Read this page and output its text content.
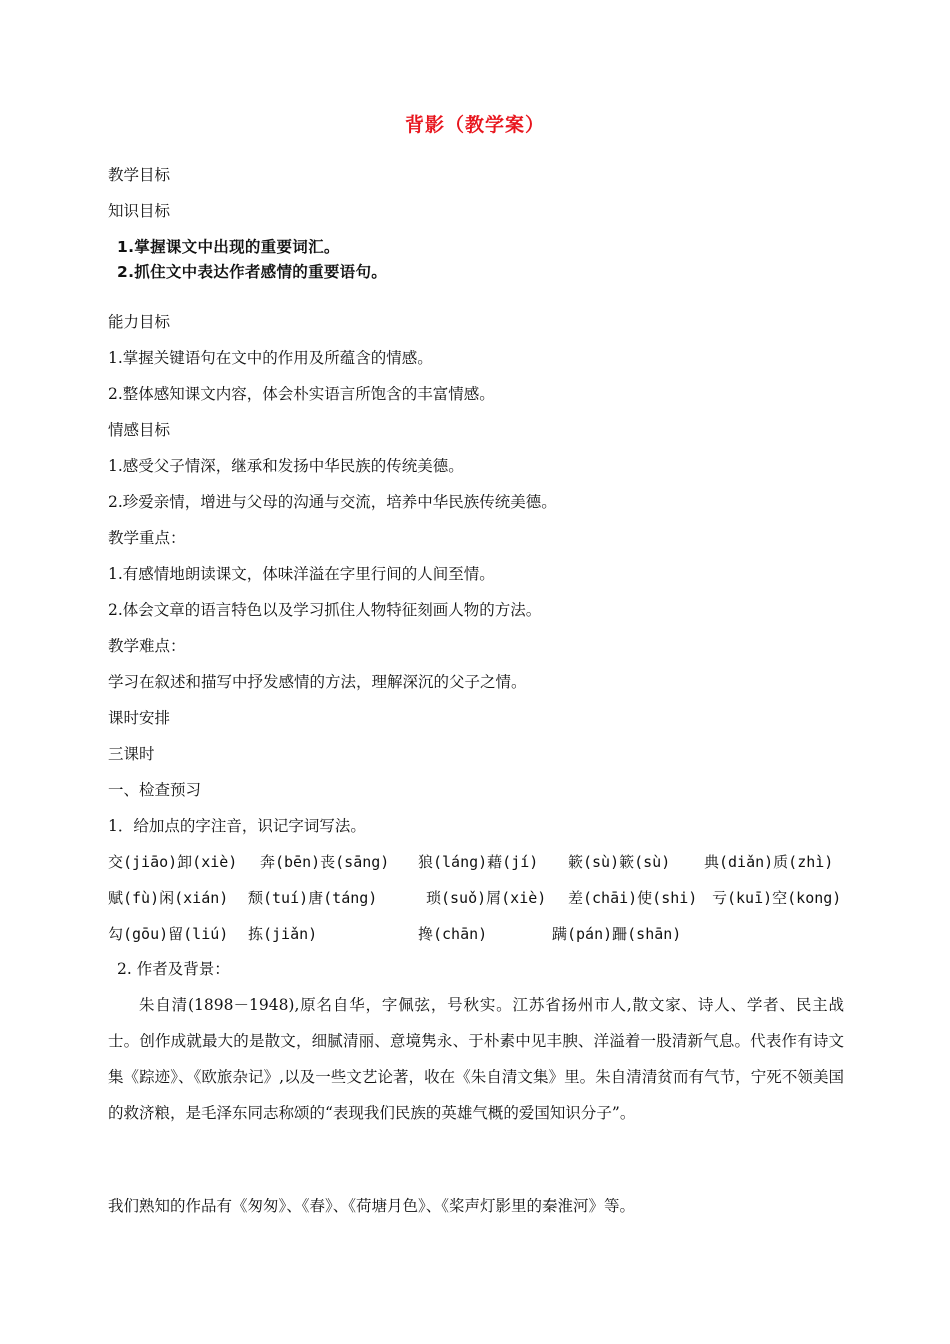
背影（教学案）
教学目标
知识目标
1.掌握课文中出现的重要词汇。
2.抓住文中表达作者感情的重要语句。
能力目标
1.掌握关键语句在文中的作用及所蕴含的情感。
2.整体感知课文内容，体会朴实语言所饱含的丰富情感。
情感目标
1.感受父子情深，继承和发扬中华民族的传统美德。
2.珍爱亲情，增进与父母的沟通与交流，培养中华民族传统美德。
教学重点：
1.有感情地朗读课文，体味洋溢在字里行间的人间至情。
2.体会文章的语言特色以及学习抓住人物特征刻画人物的方法。
教学难点：
学习在叙述和描写中抒发感情的方法，理解深沉的父子之情。
课时安排
三课时
一、检查预习
1．给加点的字注音，识记字词写法。
交(jiāo)卸(xiè) 奔(bēn)丧(sāng) 狼(láng)藉(jí) 簌(sù)簌(sù) 典(diǎn)质(zhì)
赋(fù)闲(xián) 颓(tuí)唐(táng)	琐(suǒ)屑(xiè) 差(chāi)使(shi) 亏(kuī)空(kong)
勾(gōu)留(liú) 拣(jiǎn)	搀(chān)	蹒(pán)跚(shān)
2. 作者及背景：
朱自清(1898－1948),原名自华，字佩弦，号秋实。江苏省扬州市人,散文家、诗人、学者、民主战士。创作成就最大的是散文，细腻清丽、意境隽永、于朴素中见丰腴、洋溢着一股清新气息。代表作有诗文集《踪迹》、《欧旅杂记》,以及一些文艺论著，收在《朱自清文集》里。朱自清清贫而有气节，宁死不领美国的救济粮，是毛泽东同志称颂的“表现我们民族的英雄气概的爱国知识分子”。
我们熟知的作品有《匆匆》、《春》、《荷塘月色》、《桨声灯影里的秦淮河》等。
